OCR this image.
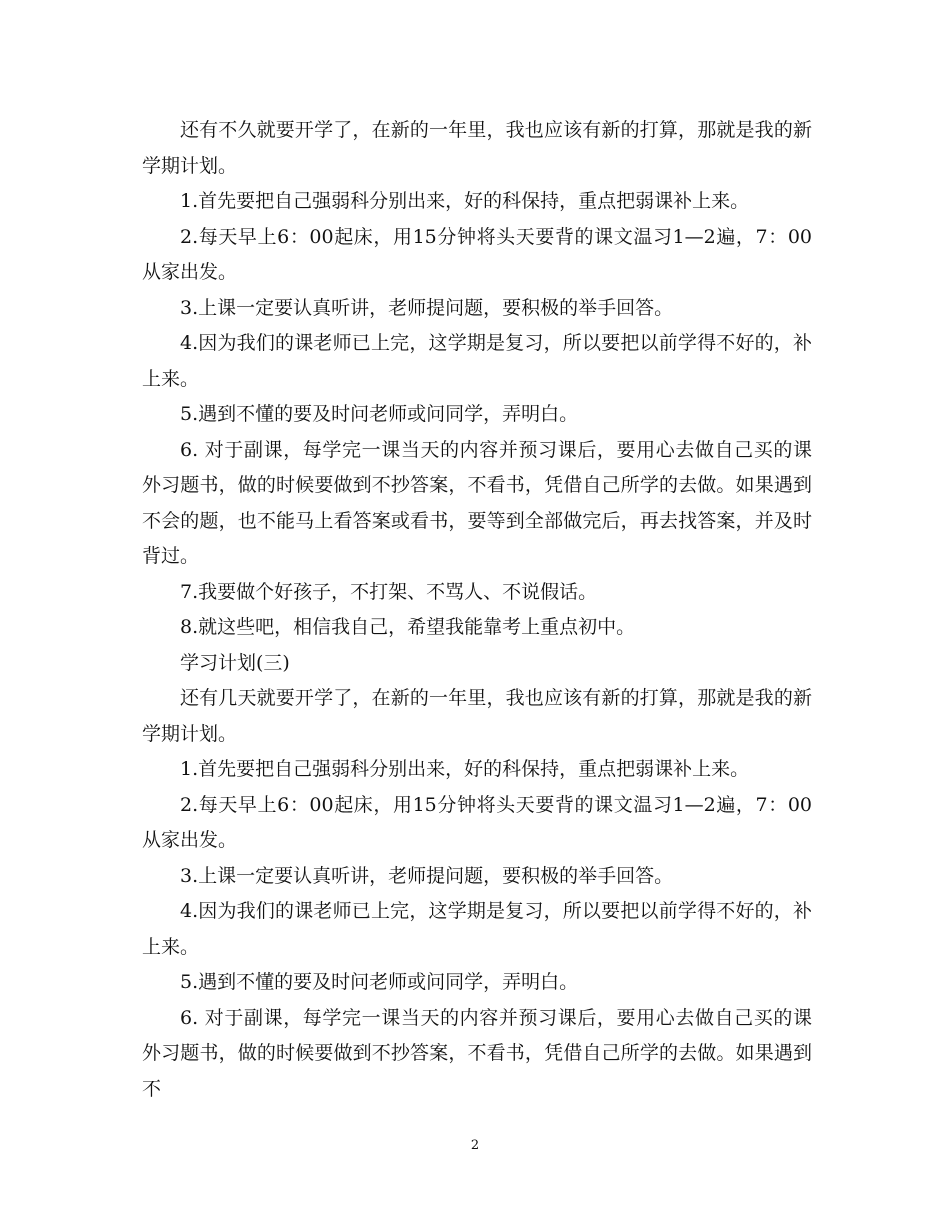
还有不久就要开学了，在新的一年里，我也应该有新的打算，那就是我的新学期计划。

1.首先要把自己强弱科分别出来，好的科保持，重点把弱课补上来。

2.每天早上6：00起床，用15分钟将头天要背的课文温习1—2遍，7：00从家出发。

3.上课一定要认真听讲，老师提问题，要积极的举手回答。

4.因为我们的课老师已上完，这学期是复习，所以要把以前学得不好的，补上来。

5.遇到不懂的要及时问老师或问同学，弄明白。

6. 对于副课，每学完一课当天的内容并预习课后，要用心去做自己买的课外习题书，做的时候要做到不抄答案，不看书，凭借自己所学的去做。如果遇到不会的题，也不能马上看答案或看书，要等到全部做完后，再去找答案，并及时背过。

7.我要做个好孩子，不打架、不骂人、不说假话。

8.就这些吧，相信我自己，希望我能靠考上重点初中。

学习计划(三)

还有几天就要开学了，在新的一年里，我也应该有新的打算，那就是我的新学期计划。

1.首先要把自己强弱科分别出来，好的科保持，重点把弱课补上来。

2.每天早上6：00起床，用15分钟将头天要背的课文温习1—2遍，7：00从家出发。

3.上课一定要认真听讲，老师提问题，要积极的举手回答。

4.因为我们的课老师已上完，这学期是复习，所以要把以前学得不好的，补上来。

5.遇到不懂的要及时问老师或问同学，弄明白。

6. 对于副课，每学完一课当天的内容并预习课后，要用心去做自己买的课外习题书，做的时候要做到不抄答案，不看书，凭借自己所学的去做。如果遇到不

2
